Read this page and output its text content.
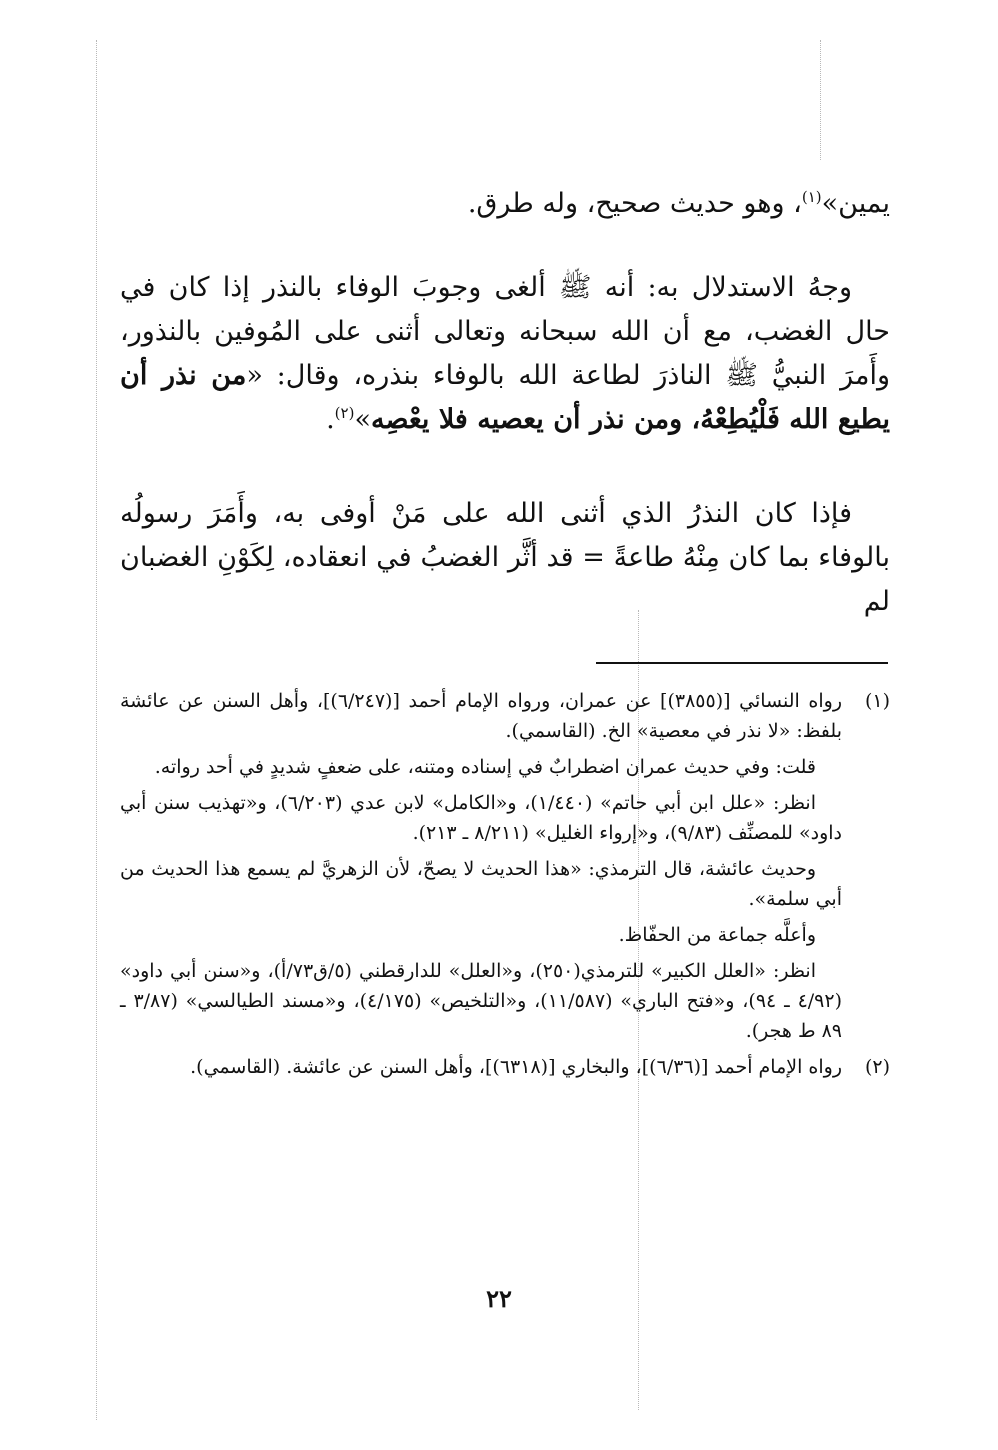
يمين»$^{(١)}$، وهو حديث صحيح، وله طرق.

وجهُ الاستدلال به: أنه ﷺ ألغى وجوبَ الوفاء بالنذر إذا كان في حال الغضب، مع أن الله سبحانه وتعالى أثنى على المُوفين بالنذور، وأَمرَ النبيُّ ﷺ الناذرَ لطاعة الله بالوفاء بنذره، وقال: «من نذر أن يطيع الله فَلْيُطِعْهُ، ومن نذر أن يعصيه فلا يعْصِه»$^{(٢)}$.

فإذا كان النذرُ الذي أثنى الله على مَنْ أوفى به، وأَمَرَ رسولُه بالوفاء بما كان مِنْهُ طاعةً = قد أثَّر الغضبُ في انعقاده، لِكَوْنِ الغضبان لم

(١)

رواه النسائي [(٣٨٥٥)] عن عمران، ورواه الإمام أحمد [(٦/٢٤٧)]، وأهل السنن عن عائشة بلفظ: «لا نذر في معصية» الخ. (القاسمي).

قلت: وفي حديث عمران اضطرابٌ في إسناده ومتنه، على ضعفٍ شديدٍ في أحد رواته.

انظر: «علل ابن أبي حاتم» (١/٤٤٠)، و«الكامل» لابن عدي (٦/٢٠٣)، و«تهذيب سنن أبي داود» للمصنِّف (٩/٨٣)، و«إرواء الغليل» (٨/٢١١ ـ ٢١٣).

وحديث عائشة، قال الترمذي: «هذا الحديث لا يصحّ، لأن الزهريَّ لم يسمع هذا الحديث من أبي سلمة».

وأعلَّه جماعة من الحفّاظ.

انظر: «العلل الكبير» للترمذي(٢٥٠)، و«العلل» للدارقطني (٥/ق٧٣/أ)، و«سنن أبي داود» (٤/٩٢ ـ ٩٤)، و«فتح الباري» (١١/٥٨٧)، و«التلخيص» (٤/١٧٥)، و«مسند الطيالسي» (٣/٨٧ ـ ٨٩ ط هجر).

(٢)

رواه الإمام أحمد [(٦/٣٦)]، والبخاري [(٦٣١٨)]، وأهل السنن عن عائشة. (القاسمي).

٢٢
